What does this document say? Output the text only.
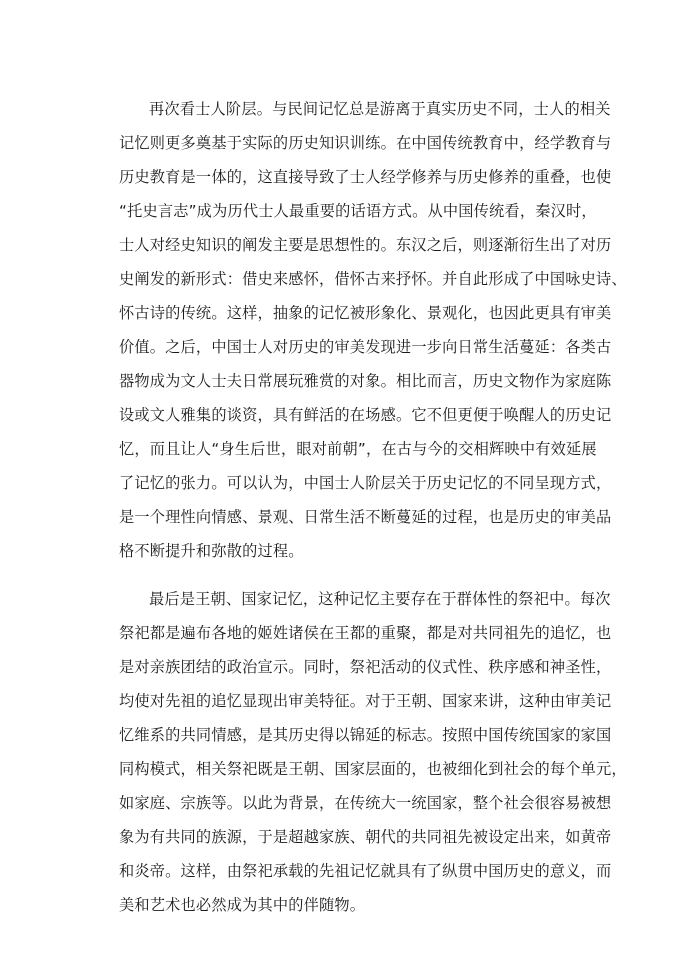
再次看士人阶层。与民间记忆总是游离于真实历史不同，士人的相关
记忆则更多奠基于实际的历史知识训练。在中国传统教育中，经学教育与
历史教育是一体的，这直接导致了士人经学修养与历史修养的重叠，也使
“托史言志”成为历代士人最重要的话语方式。从中国传统看，秦汉时，
士人对经史知识的阐发主要是思想性的。东汉之后，则逐渐衍生出了对历
史阐发的新形式：借史来感怀，借怀古来抒怀。并自此形成了中国咏史诗、
怀古诗的传统。这样，抽象的记忆被形象化、景观化，也因此更具有审美
价值。之后，中国士人对历史的审美发现进一步向日常生活蔓延：各类古
器物成为文人士夫日常展玩雅赏的对象。相比而言，历史文物作为家庭陈
设或文人雅集的谈资，具有鲜活的在场感。它不但更便于唤醒人的历史记
忆，而且让人“身生后世，眼对前朝”，在古与今的交相辉映中有效延展
了记忆的张力。可以认为，中国士人阶层关于历史记忆的不同呈现方式，
是一个理性向情感、景观、日常生活不断蔓延的过程，也是历史的审美品
格不断提升和弥散的过程。
最后是王朝、国家记忆，这种记忆主要存在于群体性的祭祀中。每次
祭祀都是遍布各地的姬姓诸侯在王都的重聚，都是对共同祖先的追忆，也
是对亲族团结的政治宣示。同时，祭祀活动的仪式性、秩序感和神圣性，
均使对先祖的追忆显现出审美特征。对于王朝、国家来讲，这种由审美记
忆维系的共同情感，是其历史得以锦延的标志。按照中国传统国家的家国
同构模式，相关祭祀既是王朝、国家层面的，也被细化到社会的每个单元，
如家庭、宗族等。以此为背景，在传统大一统国家，整个社会很容易被想
象为有共同的族源，于是超越家族、朝代的共同祖先被设定出来，如黄帝
和炎帝。这样，由祭祀承载的先祖记忆就具有了纵贯中国历史的意义，而
美和艺术也必然成为其中的伴随物。
